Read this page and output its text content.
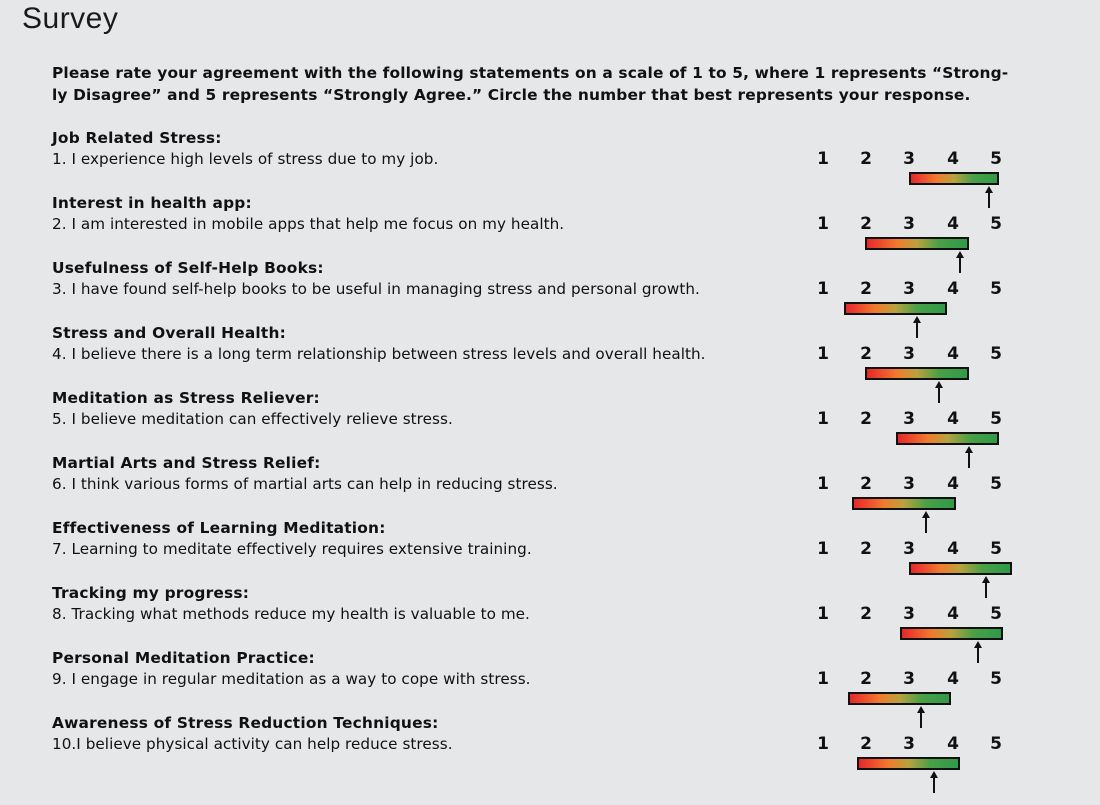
Survey
Please rate your agreement with the following statements on a scale of 1 to 5, where 1 represents “Strong-ly Disagree” and 5 represents “Strongly Agree.” Circle the number that best represents your response.
Job Related Stress:
1. I experience high levels of stress due to my job.	1	2	3	4	5
Interest in health app:
2. I am interested in mobile apps that help me focus on my health.	1	2	3	4	5
Usefulness of Self-Help Books:
3. I have found self-help books to be useful in managing stress and personal growth.	1	2	3	4	5
Stress and Overall Health:
4. I believe there is a long term relationship between stress levels and overall health.	1	2	3	4	5
Meditation as Stress Reliever:
5. I believe meditation can effectively relieve stress.	1	2	3	4	5
Martial Arts and Stress Relief:
6. I think various forms of martial arts can help in reducing stress.	1	2	3	4	5
Effectiveness of Learning Meditation:
7. Learning to meditate effectively requires extensive training.	1	2	3	4	5
Tracking my progress:
8. Tracking what methods reduce my health is valuable to me.	1	2	3	4	5
Personal Meditation Practice:
9. I engage in regular meditation as a way to cope with stress.	1	2	3	4	5
Awareness of Stress Reduction Techniques:
10.I believe physical activity can help reduce stress.	1	2	3	4	5
